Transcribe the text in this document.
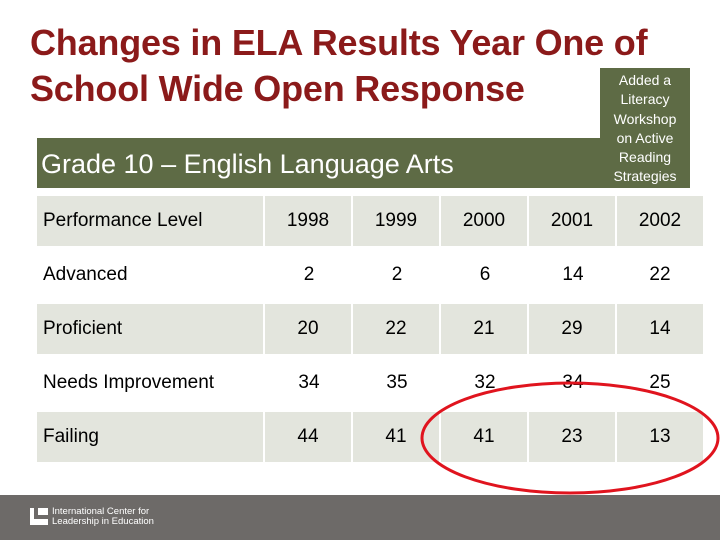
Changes in ELA Results Year One of
School Wide Open Response
Grade 10 – English Language Arts
Added a
Literacy
Workshop
on Active
Reading
Strategies
Performance Level	1998	1999	2000	2001	2002
Advanced	2	2	6	14	22
Proficient	20	22	21	29	14
Needs Improvement	34	35	32	34	25
Failing	44	41	41	23	13
International Center for
Leadership in Education
